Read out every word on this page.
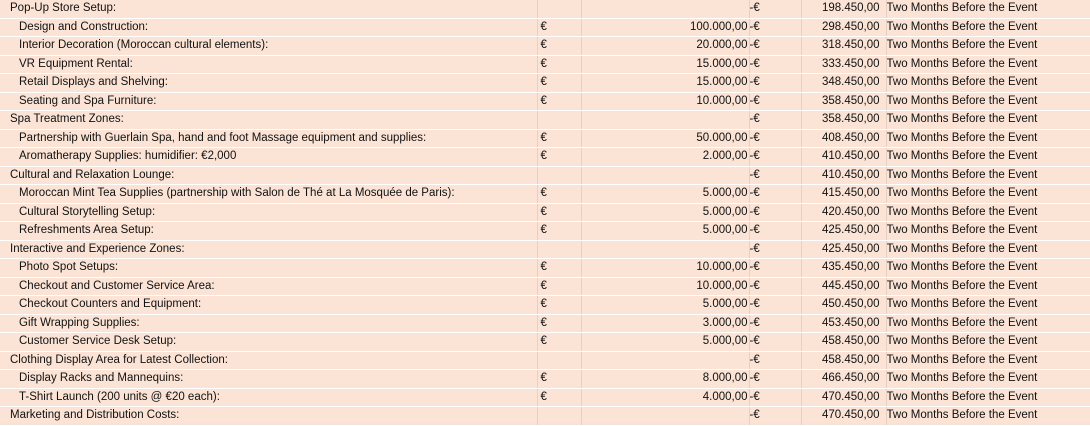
Pop-Up Store Setup:			-€	198.450,00	Two Months Before the Event
Design and Construction:	€	100.000,00	-€	298.450,00	Two Months Before the Event
Interior Decoration (Moroccan cultural elements):	€	20.000,00	-€	318.450,00	Two Months Before the Event
VR Equipment Rental:	€	15.000,00	-€	333.450,00	Two Months Before the Event
Retail Displays and Shelving:	€	15.000,00	-€	348.450,00	Two Months Before the Event
Seating and Spa Furniture:	€	10.000,00	-€	358.450,00	Two Months Before the Event
Spa Treatment Zones:			-€	358.450,00	Two Months Before the Event
Partnership with Guerlain Spa, hand and foot Massage equipment and supplies:	€	50.000,00	-€	408.450,00	Two Months Before the Event
Aromatherapy Supplies: humidifier: €2,000	€	2.000,00	-€	410.450,00	Two Months Before the Event
Cultural and Relaxation Lounge:			-€	410.450,00	Two Months Before the Event
Moroccan Mint Tea Supplies (partnership with Salon de Thé at La Mosquée de Paris):	€	5.000,00	-€	415.450,00	Two Months Before the Event
Cultural Storytelling Setup:	€	5.000,00	-€	420.450,00	Two Months Before the Event
Refreshments Area Setup:	€	5.000,00	-€	425.450,00	Two Months Before the Event
Interactive and Experience Zones:			-€	425.450,00	Two Months Before the Event
Photo Spot Setups:	€	10.000,00	-€	435.450,00	Two Months Before the Event
Checkout and Customer Service Area:	€	10.000,00	-€	445.450,00	Two Months Before the Event
Checkout Counters and Equipment:	€	5.000,00	-€	450.450,00	Two Months Before the Event
Gift Wrapping Supplies:	€	3.000,00	-€	453.450,00	Two Months Before the Event
Customer Service Desk Setup:	€	5.000,00	-€	458.450,00	Two Months Before the Event
Clothing Display Area for Latest Collection:			-€	458.450,00	Two Months Before the Event
Display Racks and Mannequins:	€	8.000,00	-€	466.450,00	Two Months Before the Event
T-Shirt Launch (200 units @ €20 each):	€	4.000,00	-€	470.450,00	Two Months Before the Event
Marketing and Distribution Costs:			-€	470.450,00	Two Months Before the Event
